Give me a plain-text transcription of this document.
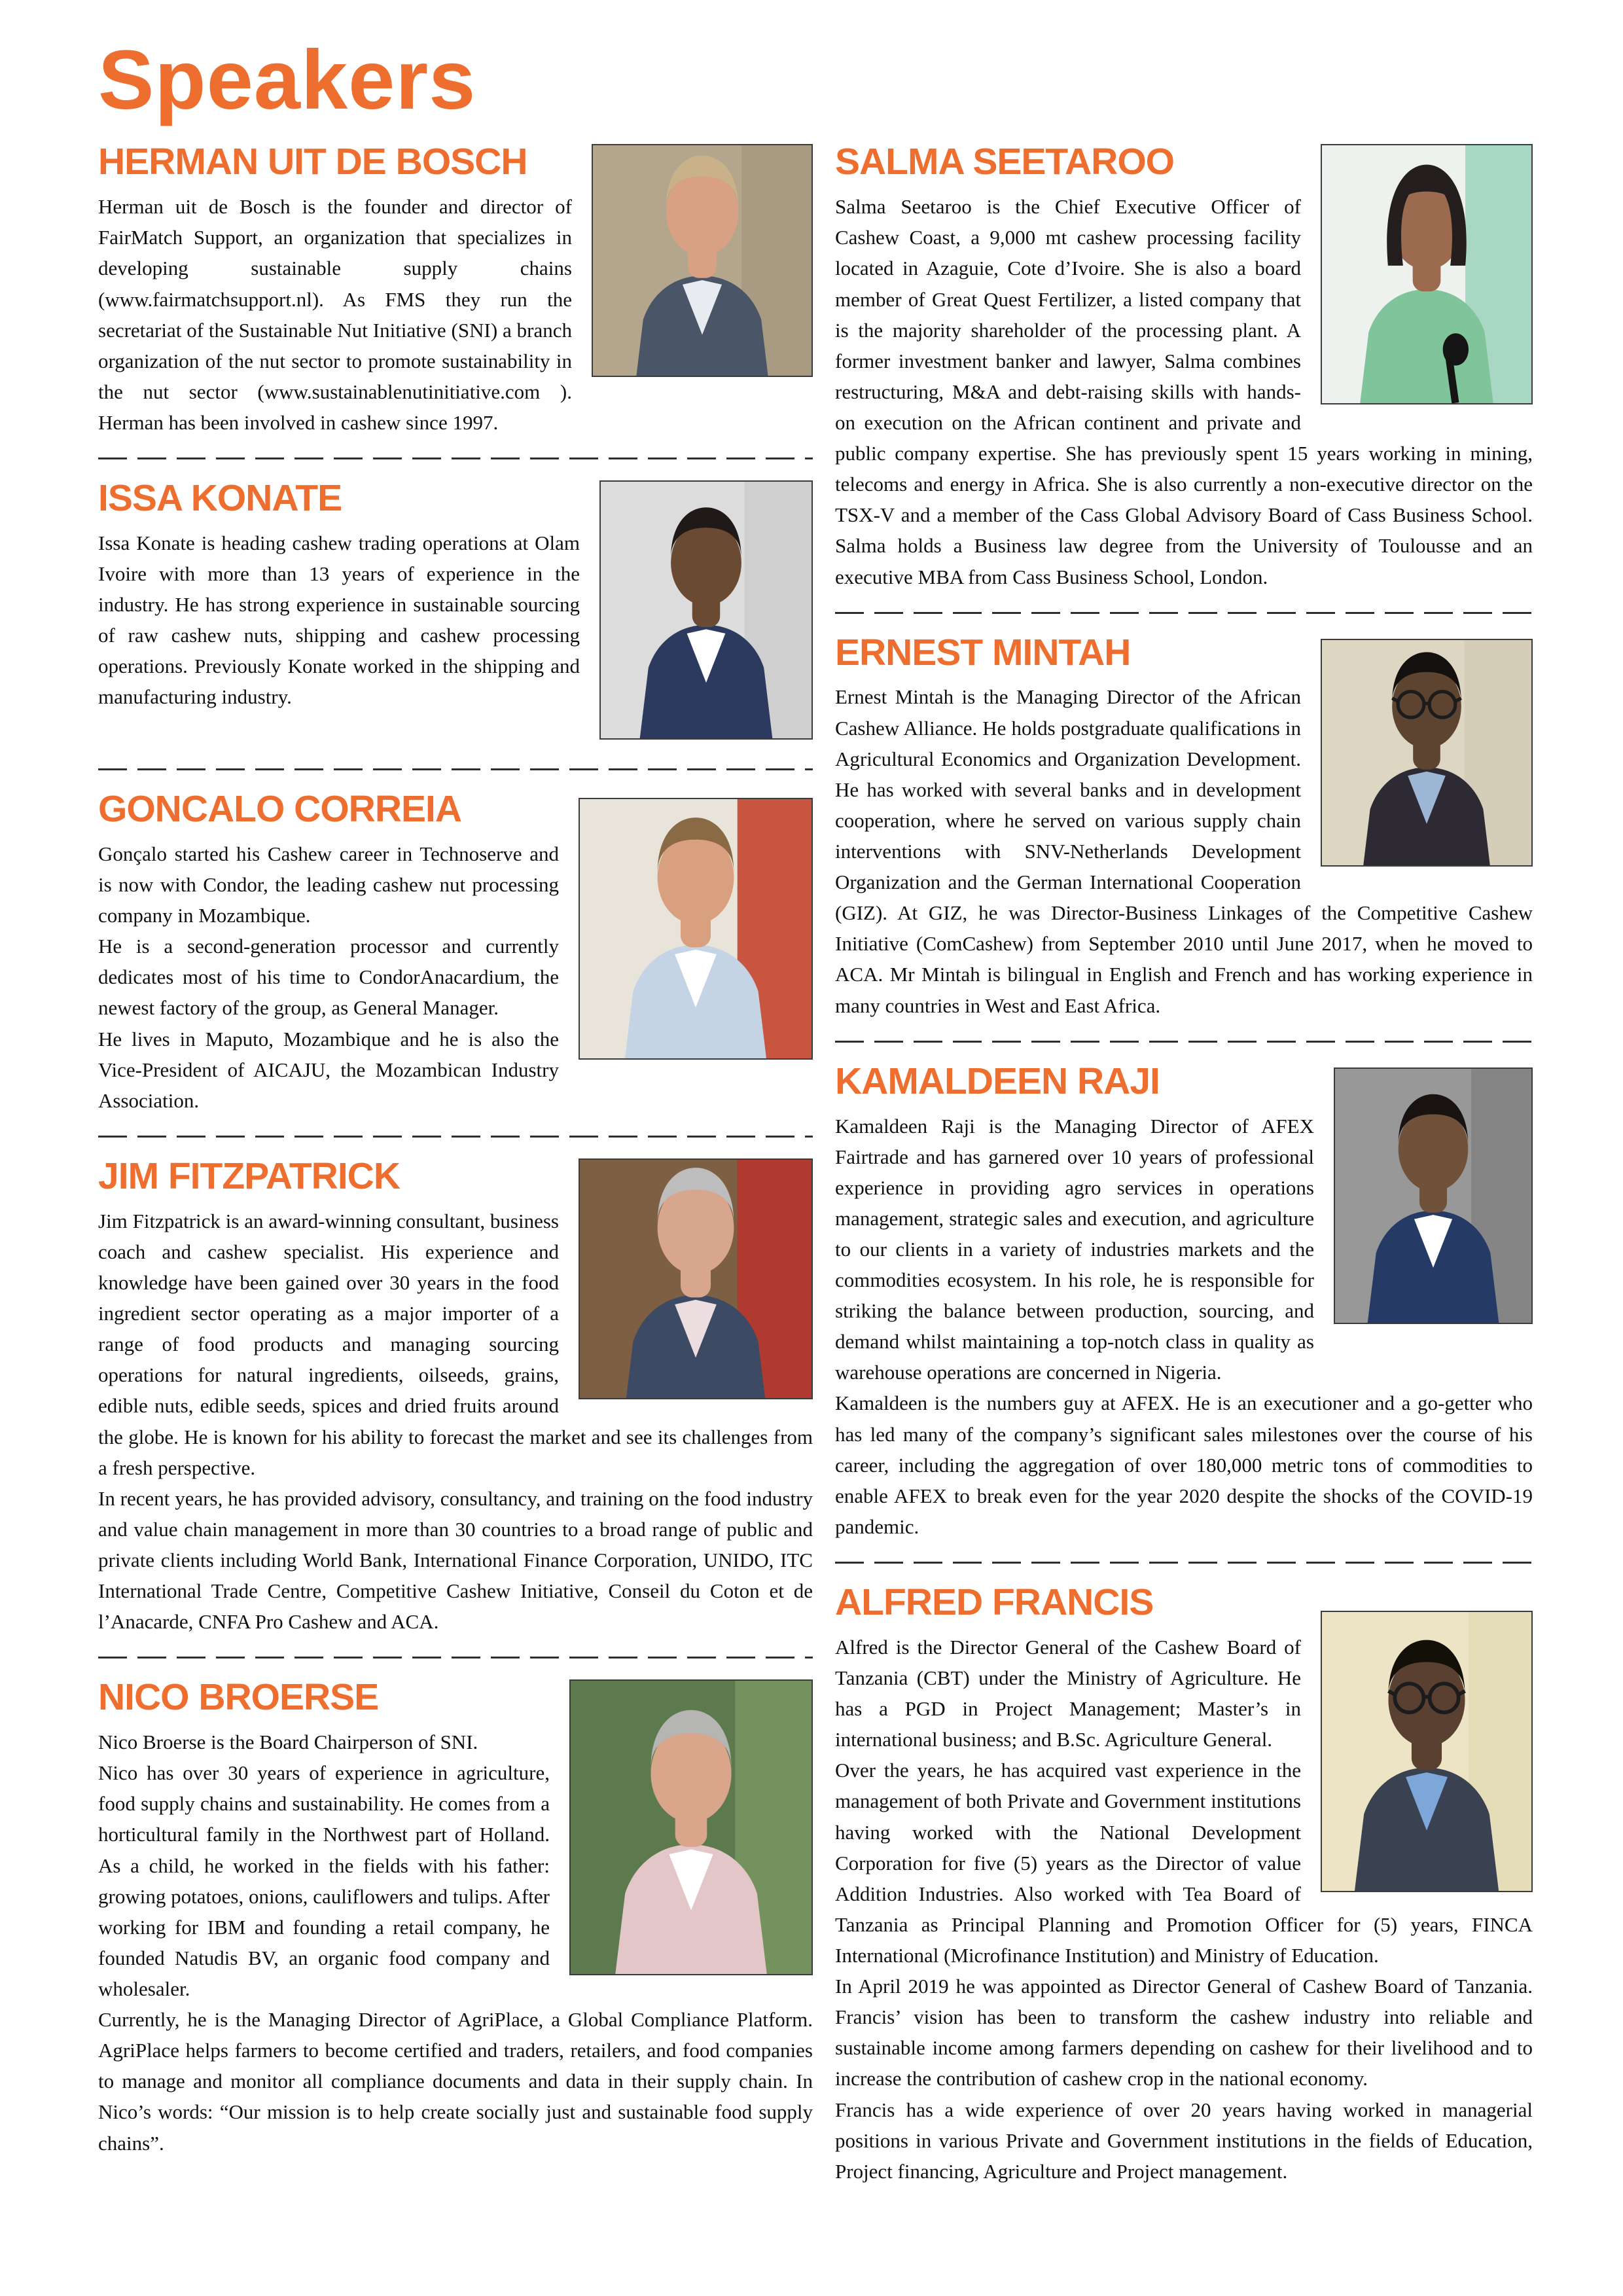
Speakers
HERMAN UIT DE BOSCH

Herman uit de Bosch is the founder and director of FairMatch Support, an organization that specializes in developing sustainable supply chains (www.fairmatchsupport.nl). As FMS they run the secretariat of the Sustainable Nut Initiative (SNI) a branch organization of the nut sector to promote sustainability in the nut sector (www.sustainablenutinitiative.com ). Herman has been involved in cashew since 1997.

ISSA KONATE

Issa Konate is heading cashew trading operations at Olam Ivoire with more than 13 years of experience in the industry. He has strong experience in sustainable sourcing of raw cashew nuts, shipping and cashew processing operations. Previously Konate worked in the shipping and manufacturing industry.

GONCALO CORREIA

Gonçalo started his Cashew career in Technoserve and is now with Condor, the leading cashew nut processing company in Mozambique.

He is a second-generation processor and currently dedicates most of his time to CondorAnacardium, the newest factory of the group, as General Manager.

He lives in Maputo, Mozambique and he is also the Vice-President of AICAJU, the Mozambican Industry Association.

JIM FITZPATRICK

Jim Fitzpatrick is an award-winning consultant, business coach and cashew specialist. His experience and knowledge have been gained over 30 years in the food ingredient sector operating as a major importer of a range of food products and managing sourcing operations for natural ingredients, oilseeds, grains, edible nuts, edible seeds, spices and dried fruits around the globe. He is known for his ability to forecast the market and see its challenges from a fresh perspective.

In recent years, he has provided advisory, consultancy, and training on the food industry and value chain management in more than 30 countries to a broad range of public and private clients including World Bank, International Finance Corporation, UNIDO, ITC International Trade Centre, Competitive Cashew Initiative, Conseil du Coton et de l’Anacarde, CNFA Pro Cashew and ACA.

NICO BROERSE

Nico Broerse is the Board Chairperson of SNI.

Nico has over 30 years of experience in agriculture, food supply chains and sustainability. He comes from a horticultural family in the Northwest part of Holland. As a child, he worked in the fields with his father: growing potatoes, onions, cauliflowers and tulips. After working for IBM and founding a retail company, he founded Natudis BV, an organic food company and wholesaler.

Currently, he is the Managing Director of AgriPlace, a Global Compliance Platform. AgriPlace helps farmers to become certified and traders, retailers, and food companies to manage and monitor all compliance documents and data in their supply chain. In Nico’s words: “Our mission is to help create socially just and sustainable food supply chains”.

SALMA SEETAROO

Salma Seetaroo is the Chief Executive Officer of Cashew Coast, a 9,000 mt cashew processing facility located in Azaguie, Cote d’Ivoire. She is also a board member of Great Quest Fertilizer, a listed company that is the majority shareholder of the processing plant. A former investment banker and lawyer, Salma combines restructuring, M&A and debt-raising skills with hands-on execution on the African continent and private and public company expertise. She has previously spent 15 years working in mining, telecoms and energy in Africa. She is also currently a non-executive director on the TSX-V and a member of the Cass Global Advisory Board of Cass Business School. Salma holds a Business law degree from the University of Toulousse and an executive MBA from Cass Business School, London.

ERNEST MINTAH

Ernest Mintah is the Managing Director of the African Cashew Alliance. He holds postgraduate qualifications in Agricultural Economics and Organization Development. He has worked with several banks and in development cooperation, where he served on various supply chain interventions with SNV-Netherlands Development Organization and the German International Cooperation (GIZ). At GIZ, he was Director-Business Linkages of the Competitive Cashew Initiative (ComCashew) from September 2010 until June 2017, when he moved to ACA. Mr Mintah is bilingual in English and French and has working experience in many countries in West and East Africa.

KAMALDEEN RAJI

Kamaldeen Raji is the Managing Director of AFEX Fairtrade and has garnered over 10 years of professional experience in providing agro services in operations management, strategic sales and execution, and agriculture to our clients in a variety of industries markets and the commodities ecosystem. In his role, he is responsible for striking the balance between production, sourcing, and demand whilst maintaining a top-notch class in quality as warehouse operations are concerned in Nigeria.

Kamaldeen is the numbers guy at AFEX. He is an executioner and a go-getter who has led many of the company’s significant sales milestones over the course of his career, including the aggregation of over 180,000 metric tons of commodities to enable AFEX to break even for the year 2020 despite the shocks of the COVID-19 pandemic.

ALFRED FRANCIS

Alfred is the Director General of the Cashew Board of Tanzania (CBT) under the Ministry of Agriculture. He has a PGD in Project Management; Master’s in international business; and B.Sc. Agriculture General.

Over the years, he has acquired vast experience in the management of both Private and Government institutions having worked with the National Development Corporation for five (5) years as the Director of value Addition Industries. Also worked with Tea Board of Tanzania as Principal Planning and Promotion Officer for (5) years, FINCA International (Microfinance Institution) and Ministry of Education.

In April 2019 he was appointed as Director General of Cashew Board of Tanzania. Francis’ vision has been to transform the cashew industry into reliable and sustainable income among farmers depending on cashew for their livelihood and to increase the contribution of cashew crop in the national economy.

Francis has a wide experience of over 20 years having worked in managerial positions in various Private and Government institutions in the fields of Education, Project financing, Agriculture and Project management.
